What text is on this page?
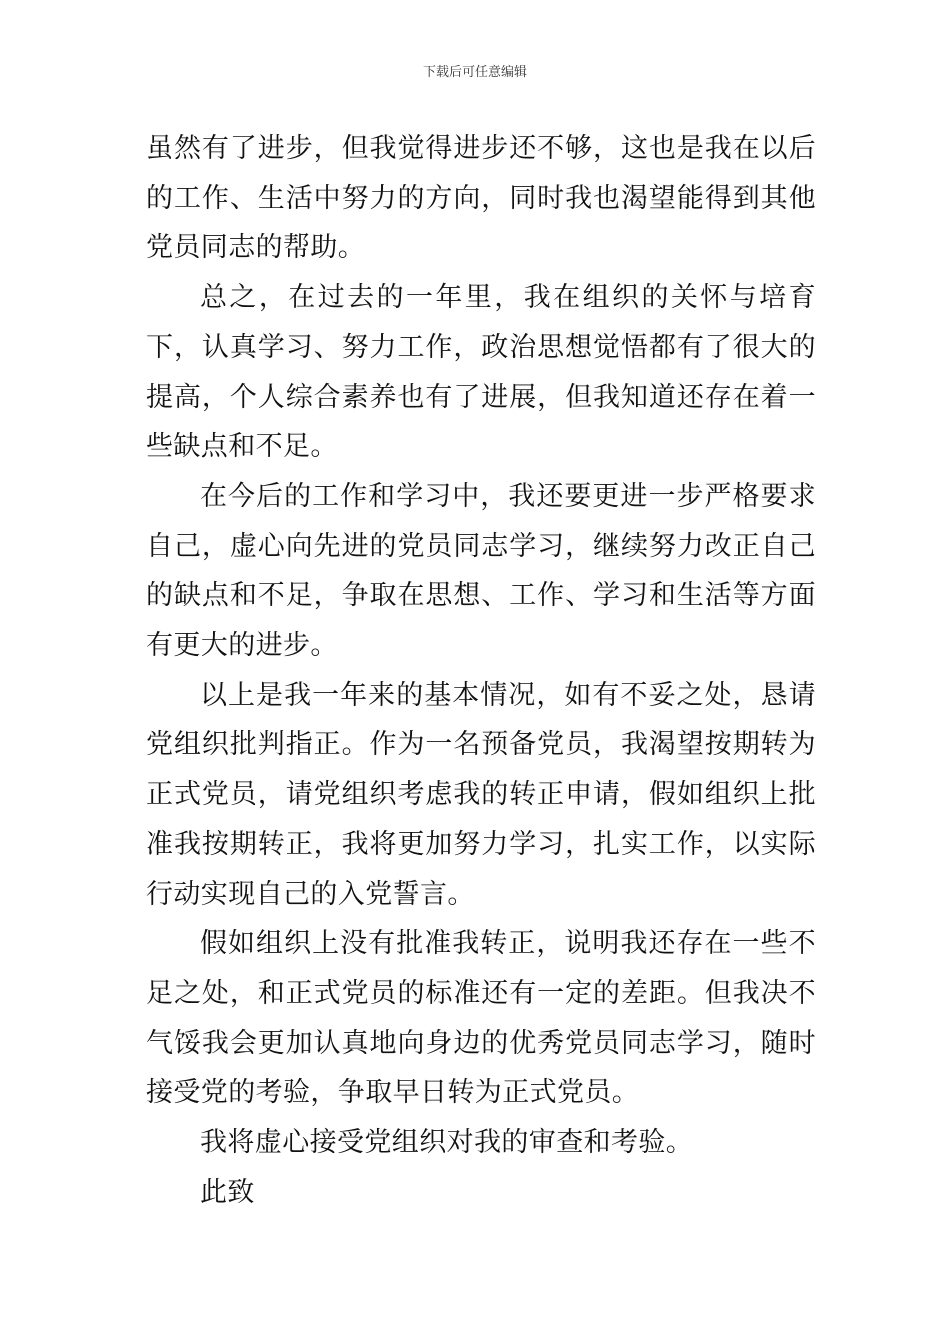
下载后可任意编辑

虽然有了进步，但我觉得进步还不够，这也是我在以后的工作、生活中努力的方向，同时我也渴望能得到其他党员同志的帮助。

总之，在过去的一年里，我在组织的关怀与培育下，认真学习、努力工作，政治思想觉悟都有了很大的提高，个人综合素养也有了进展，但我知道还存在着一些缺点和不足。

在今后的工作和学习中，我还要更进一步严格要求自己，虚心向先进的党员同志学习，继续努力改正自己的缺点和不足，争取在思想、工作、学习和生活等方面有更大的进步。

以上是我一年来的基本情况，如有不妥之处，恳请党组织批判指正。作为一名预备党员，我渴望按期转为正式党员，请党组织考虑我的转正申请，假如组织上批准我按期转正，我将更加努力学习，扎实工作，以实际行动实现自己的入党誓言。

假如组织上没有批准我转正，说明我还存在一些不足之处，和正式党员的标准还有一定的差距。但我决不气馁我会更加认真地向身边的优秀党员同志学习，随时接受党的考验，争取早日转为正式党员。

我将虚心接受党组织对我的审查和考验。

此致
